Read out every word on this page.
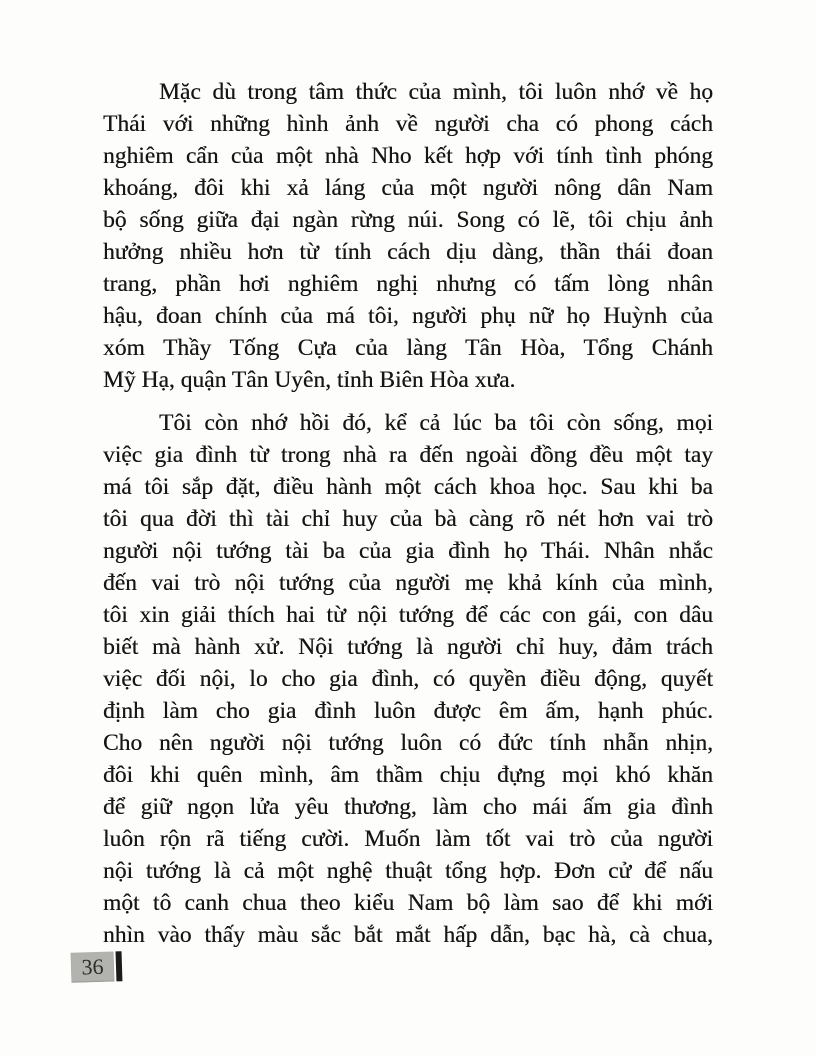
Mặc dù trong tâm thức của mình, tôi luôn nhớ về họ
Thái với những hình ảnh về người cha có phong cách
nghiêm cẩn của một nhà Nho kết hợp với tính tình phóng
khoáng, đôi khi xả láng của một người nông dân Nam
bộ sống giữa đại ngàn rừng núi. Song có lẽ, tôi chịu ảnh
hưởng nhiều hơn từ tính cách dịu dàng, thần thái đoan
trang, phần hơi nghiêm nghị nhưng có tấm lòng nhân
hậu, đoan chính của má tôi, người phụ nữ họ Huỳnh của
xóm Thầy Tống Cựa của làng Tân Hòa, Tổng Chánh
Mỹ Hạ, quận Tân Uyên, tỉnh Biên Hòa xưa.
Tôi còn nhớ hồi đó, kể cả lúc ba tôi còn sống, mọi
việc gia đình từ trong nhà ra đến ngoài đồng đều một tay
má tôi sắp đặt, điều hành một cách khoa học. Sau khi ba
tôi qua đời thì tài chỉ huy của bà càng rõ nét hơn vai trò
người nội tướng tài ba của gia đình họ Thái. Nhân nhắc
đến vai trò nội tướng của người mẹ khả kính của mình,
tôi xin giải thích hai từ nội tướng để các con gái, con dâu
biết mà hành xử. Nội tướng là người chỉ huy, đảm trách
việc đối nội, lo cho gia đình, có quyền điều động, quyết
định làm cho gia đình luôn được êm ấm, hạnh phúc.
Cho nên người nội tướng luôn có đức tính nhẫn nhịn,
đôi khi quên mình, âm thầm chịu đựng mọi khó khăn
để giữ ngọn lửa yêu thương, làm cho mái ấm gia đình
luôn rộn rã tiếng cười. Muốn làm tốt vai trò của người
nội tướng là cả một nghệ thuật tổng hợp. Đơn cử để nấu
một tô canh chua theo kiểu Nam bộ làm sao để khi mới
nhìn vào thấy màu sắc bắt mắt hấp dẫn, bạc hà, cà chua,
36
